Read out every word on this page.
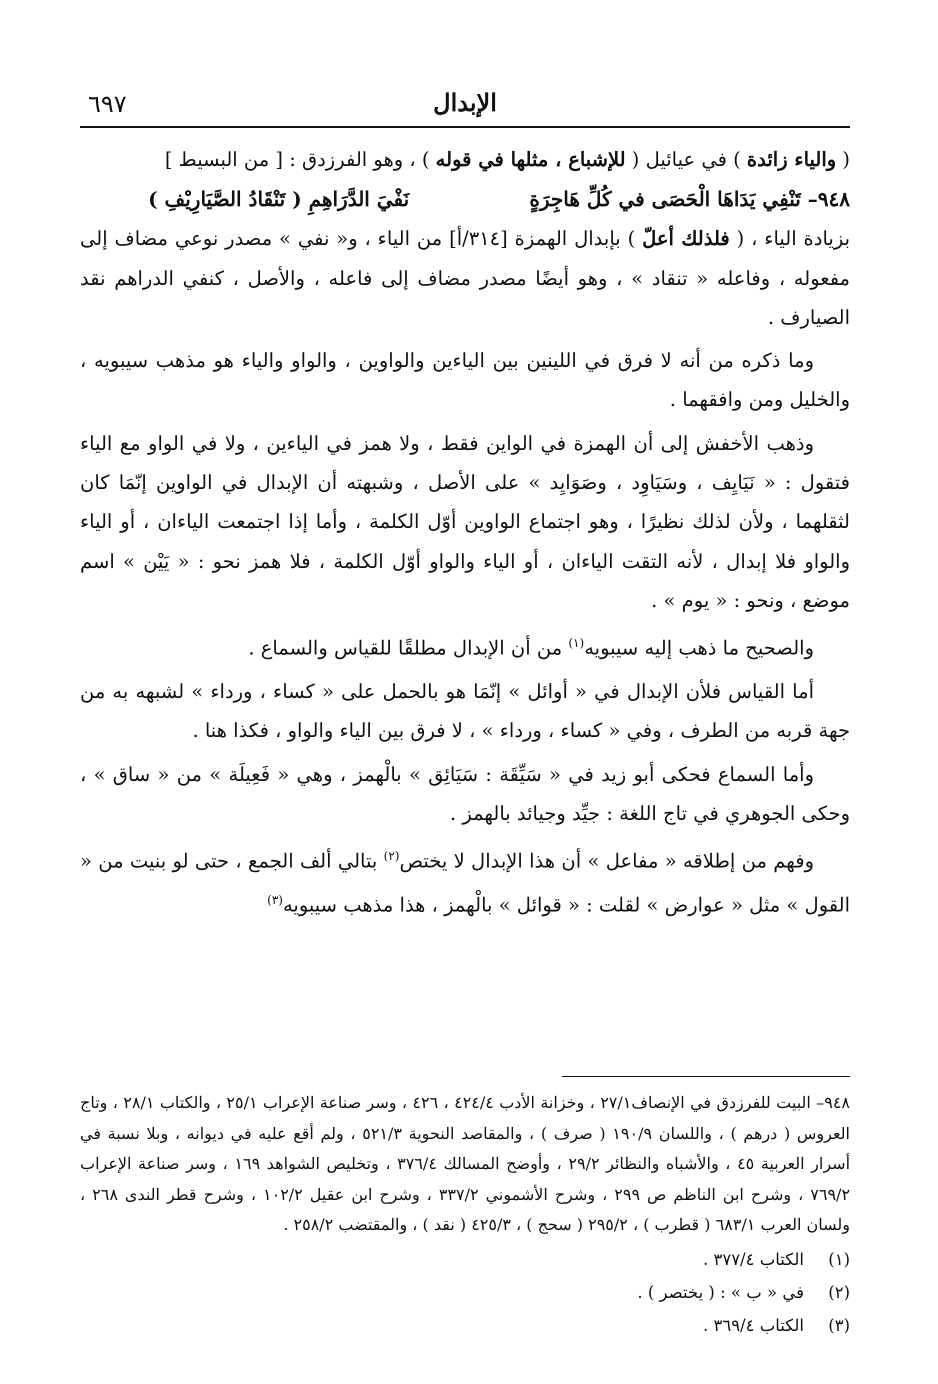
٦٩٧	الإبدال

( والياء زائدة ) في عيائيل ( للإشباع ، مثلها في قوله ) ، وهو الفرزدق : [ من البسيط ]

٩٤٨– تَنْفِي يَدَاهَا الْحَصَى في كُلِّ هَاجِرَةٍ
نَفْيَ الدَّرَاهِمِ ( تَنْقَادُ الصَّيَارِيْفِ )

بزيادة الياء ، ( فلذلك أعلّ ) بإبدال الهمزة [٣١٤/أ] من الياء ، و« نفي » مصدر نوعي مضاف إلى مفعوله ، وفاعله « تنقاد » ، وهو أيضًا مصدر مضاف إلى فاعله ، والأصل ، كنفي الدراهم نقد الصيارف .

وما ذكره من أنه لا فرق في اللينين بين الياءين والواوين ، والواو والياء هو مذهب سيبويه ، والخليل ومن وافقهما .

وذهب الأخفش إلى أن الهمزة في الواين فقط ، ولا همز في الياءين ، ولا في الواو مع الياء فتقول : « نَيَايِف ، وسَيَاوِد ، وصَوَايِد » على الأصل ، وشبهته أن الإبدال في الواوين إنّمَا كان لثقلهما ، ولأن لذلك نظيرًا ، وهو اجتماع الواوين أوّل الكلمة ، وأما إذا اجتمعت الياءان ، أو الياء والواو فلا إبدال ، لأنه التقت الياءان ، أو الياء والواو أوّل الكلمة ، فلا همز نحو : « يَيْن » اسم موضع ، ونحو : « يوم » .

والصحيح ما ذهب إليه سيبويه$^{(١)}$ من أن الإبدال مطلقًا للقياس والسماع .

أما القياس فلأن الإبدال في « أوائل » إنّمَا هو بالحمل على « كساء ، ورداء » لشبهه به من جهة قربه من الطرف ، وفي « كساء ، ورداء » ، لا فرق بين الياء والواو ، فكذا هنا .

وأما السماع فحكى أبو زيد في « سَيِّقَة : سَيَائِق » بالْهمز ، وهي « فَعِيلَة » من « ساق » ، وحكى الجوهري في تاج اللغة : جيِّد وجيائد بالهمز .

وفهم من إطلاقه « مفاعل » أن هذا الإبدال لا يختص$^{(٢)}$ بتالي ألف الجمع ، حتى لو بنيت من « القول » مثل « عوارض » لقلت : « قوائل » بالْهمز ، هذا مذهب سيبويه$^{(٣)}$

٩٤٨– البيت للفرزدق في الإنصاف٢٧/١ ، وخزانة الأدب ٤٢٤/٤ ، ٤٢٦ ، وسر صناعة الإعراب ٢٥/١ ، والكتاب ٢٨/١ ، وتاج العروس ( درهم ) ، واللسان ١٩٠/٩ ( صرف ) ، والمقاصد النحوية ٥٢١/٣ ، ولم أقع عليه في ديوانه ، وبلا نسبة في أسرار العربية ٤٥ ، والأشباه والنظائر ٢٩/٢ ، وأوضح المسالك ٣٧٦/٤ ، وتخليص الشواهد ١٦٩ ، وسر صناعة الإعراب ٧٦٩/٢ ، وشرح ابن الناظم ص ٢٩٩ ، وشرح الأشموني ٣٣٧/٢ ، وشرح ابن عقيل ١٠٢/٢ ، وشرح قطر الندى ٢٦٨ ، ولسان العرب ٦٨٣/١ ( قطرب ) ، ٢٩٥/٢ ( سحج ) ، ٤٢٥/٣ ( نقد ) ، والمقتضب ٢٥٨/٢ .

(١)
الكتاب ٣٧٧/٤ .
(٢)
في « ب » : ( يختصر ) .
(٣)
الكتاب ٣٦٩/٤ .
